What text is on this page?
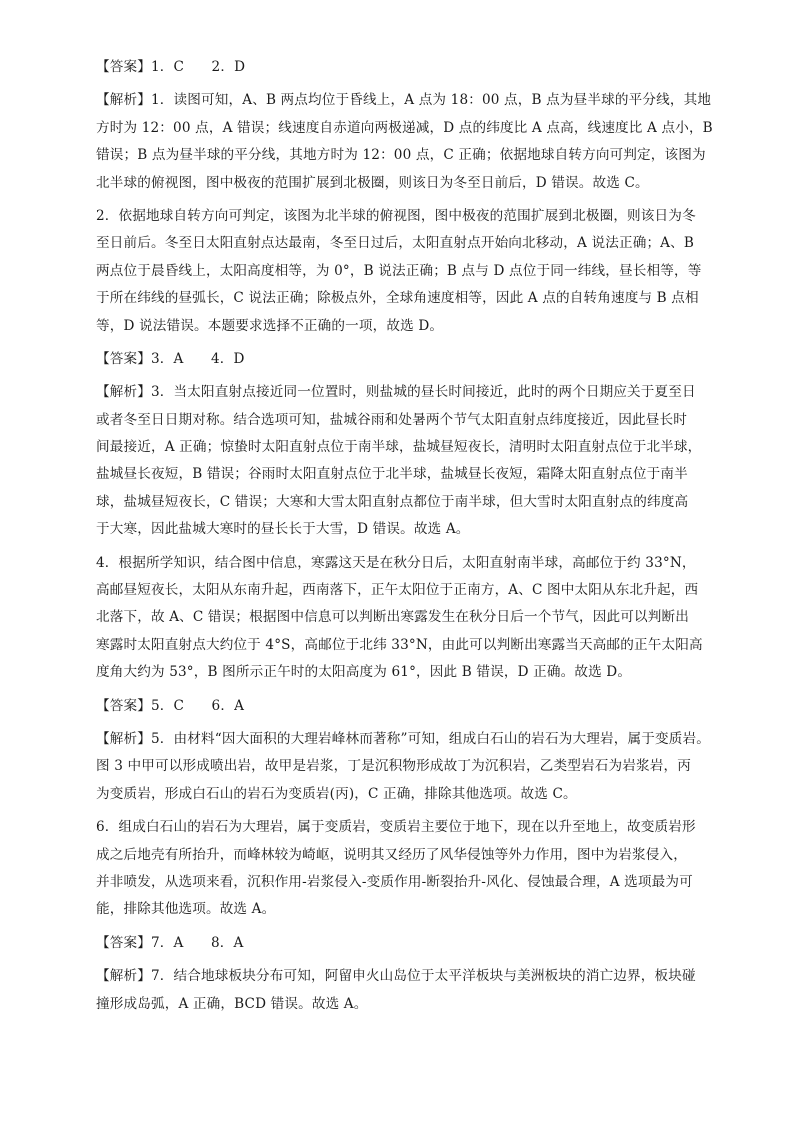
【答案】1．C　　2．D
【解析】1．读图可知，A、B 两点均位于昏线上，A 点为 18：00 点，B 点为昼半球的平分线，其地
方时为 12：00 点，A 错误；线速度自赤道向两极递减，D 点的纬度比 A 点高，线速度比 A 点小，B
错误；B 点为昼半球的平分线，其地方时为 12：00 点，C 正确；依据地球自转方向可判定，该图为
北半球的俯视图，图中极夜的范围扩展到北极圈，则该日为冬至日前后，D 错误。故选 C。
2．依据地球自转方向可判定，该图为北半球的俯视图，图中极夜的范围扩展到北极圈，则该日为冬
至日前后。冬至日太阳直射点达最南，冬至日过后，太阳直射点开始向北移动，A 说法正确；A、B
两点位于晨昏线上，太阳高度相等，为 0°，B 说法正确；B 点与 D 点位于同一纬线，昼长相等，等
于所在纬线的昼弧长，C 说法正确；除极点外，全球角速度相等，因此 A 点的自转角速度与 B 点相
等，D 说法错误。本题要求选择不正确的一项，故选 D。
【答案】3．A　　4．D
【解析】3．当太阳直射点接近同一位置时，则盐城的昼长时间接近，此时的两个日期应关于夏至日
或者冬至日日期对称。结合选项可知，盐城谷雨和处暑两个节气太阳直射点纬度接近，因此昼长时
间最接近，A 正确；惊蛰时太阳直射点位于南半球，盐城昼短夜长，清明时太阳直射点位于北半球，
盐城昼长夜短，B 错误；谷雨时太阳直射点位于北半球，盐城昼长夜短，霜降太阳直射点位于南半
球，盐城昼短夜长，C 错误；大寒和大雪太阳直射点都位于南半球，但大雪时太阳直射点的纬度高
于大寒，因此盐城大寒时的昼长长于大雪，D 错误。故选 A。
4．根据所学知识，结合图中信息，寒露这天是在秋分日后，太阳直射南半球，高邮位于约 33°N，
高邮昼短夜长，太阳从东南升起，西南落下，正午太阳位于正南方，A、C 图中太阳从东北升起，西
北落下，故 A、C 错误；根据图中信息可以判断出寒露发生在秋分日后一个节气，因此可以判断出
寒露时太阳直射点大约位于 4°S，高邮位于北纬 33°N，由此可以判断出寒露当天高邮的正午太阳高
度角大约为 53°，B 图所示正午时的太阳高度为 61°，因此 B 错误，D 正确。故选 D。
【答案】5．C　　6．A
【解析】5．由材料“因大面积的大理岩峰林而著称”可知，组成白石山的岩石为大理岩，属于变质岩。
图 3 中甲可以形成喷出岩，故甲是岩浆，丁是沉积物形成故丁为沉积岩，乙类型岩石为岩浆岩，丙
为变质岩，形成白石山的岩石为变质岩(丙)，C 正确，排除其他选项。故选 C。
6．组成白石山的岩石为大理岩，属于变质岩，变质岩主要位于地下，现在以升至地上，故变质岩形
成之后地壳有所抬升，而峰林较为崎岖，说明其又经历了风华侵蚀等外力作用，图中为岩浆侵入，
并非喷发，从选项来看，沉积作用-岩浆侵入-变质作用-断裂抬升-风化、侵蚀最合理，A 选项最为可
能，排除其他选项。故选 A。
【答案】7．A　　8．A
【解析】7．结合地球板块分布可知，阿留申火山岛位于太平洋板块与美洲板块的消亡边界，板块碰
撞形成岛弧，A 正确，BCD 错误。故选 A。
